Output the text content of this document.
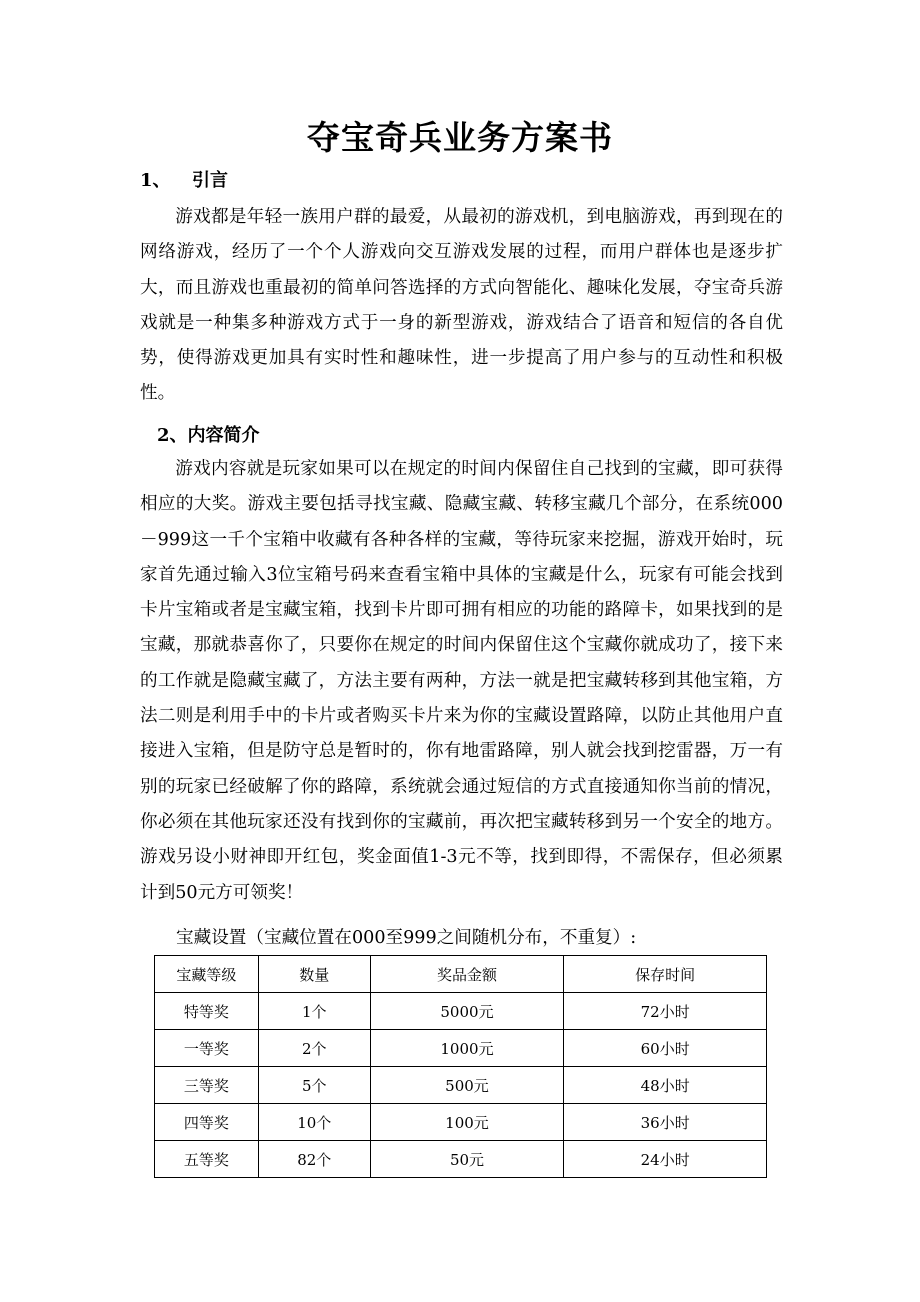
夺宝奇兵业务方案书
1、 引言

游戏都是年轻一族用户群的最爱，从最初的游戏机，到电脑游戏，再到现在的网络游戏，经历了一个个人游戏向交互游戏发展的过程，而用户群体也是逐步扩大，而且游戏也重最初的简单问答选择的方式向智能化、趣味化发展，夺宝奇兵游戏就是一种集多种游戏方式于一身的新型游戏，游戏结合了语音和短信的各自优势，使得游戏更加具有实时性和趣味性，进一步提高了用户参与的互动性和积极性。

2、内容简介

游戏内容就是玩家如果可以在规定的时间内保留住自己找到的宝藏，即可获得相应的大奖。游戏主要包括寻找宝藏、隐藏宝藏、转移宝藏几个部分，在系统000－999这一千个宝箱中收藏有各种各样的宝藏，等待玩家来挖掘，游戏开始时，玩家首先通过输入3位宝箱号码来查看宝箱中具体的宝藏是什么，玩家有可能会找到卡片宝箱或者是宝藏宝箱，找到卡片即可拥有相应的功能的路障卡，如果找到的是宝藏，那就恭喜你了，只要你在规定的时间内保留住这个宝藏你就成功了，接下来的工作就是隐藏宝藏了，方法主要有两种，方法一就是把宝藏转移到其他宝箱，方法二则是利用手中的卡片或者购买卡片来为你的宝藏设置路障，以防止其他用户直接进入宝箱，但是防守总是暂时的，你有地雷路障，别人就会找到挖雷器，万一有别的玩家已经破解了你的路障，系统就会通过短信的方式直接通知你当前的情况，你必须在其他玩家还没有找到你的宝藏前，再次把宝藏转移到另一个安全的地方。游戏另设小财神即开红包，奖金面值1-3元不等，找到即得，不需保存，但必须累计到50元方可领奖！

宝藏设置（宝藏位置在000至999之间随机分布，不重复）:

宝藏等级	数量	奖品金额	保存时间
特等奖	1个	5000元	72小时
一等奖	2个	1000元	60小时
三等奖	5个	500元	48小时
四等奖	10个	100元	36小时
五等奖	82个	50元	24小时
